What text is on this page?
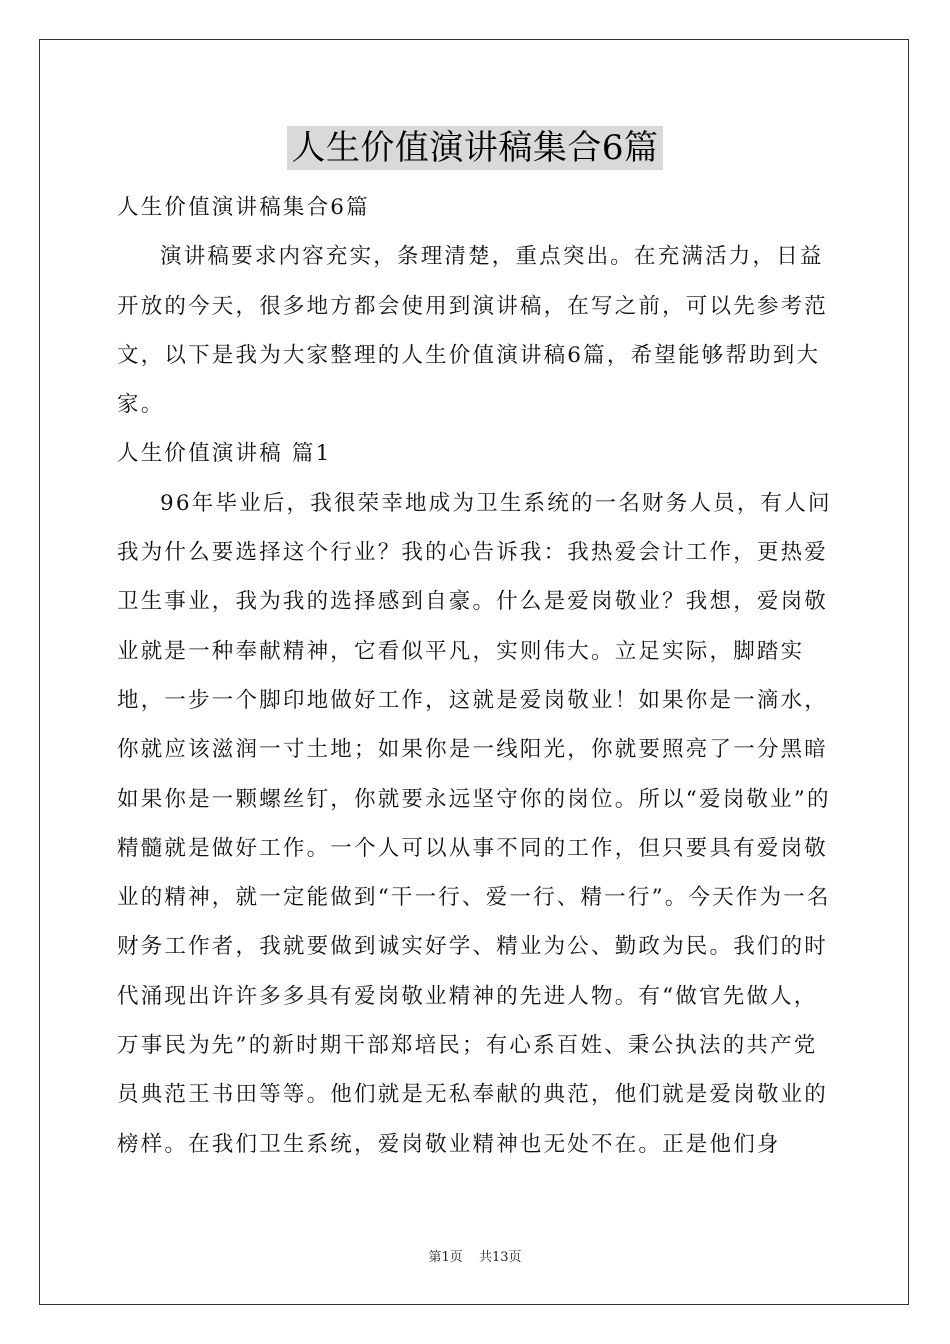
人生价值演讲稿集合6篇

人生价值演讲稿集合6篇

演讲稿要求内容充实，条理清楚，重点突出。在充满活力，日益开放的今天，很多地方都会使用到演讲稿，在写之前，可以先参考范文，以下是我为大家整理的人生价值演讲稿6篇，希望能够帮助到大家。

人生价值演讲稿 篇1

96年毕业后，我很荣幸地成为卫生系统的一名财务人员，有人问我为什么要选择这个行业？我的心告诉我：我热爱会计工作，更热爱卫生事业，我为我的选择感到自豪。什么是爱岗敬业？我想，爱岗敬业就是一种奉献精神，它看似平凡，实则伟大。立足实际，脚踏实地，一步一个脚印地做好工作，这就是爱岗敬业！如果你是一滴水，你就应该滋润一寸土地；如果你是一线阳光，你就要照亮了一分黑暗如果你是一颗螺丝钉，你就要永远坚守你的岗位。所以“爱岗敬业”的精髓就是做好工作。一个人可以从事不同的工作，但只要具有爱岗敬业的精神，就一定能做到“干一行、爱一行、精一行”。今天作为一名财务工作者，我就要做到诚实好学、精业为公、勤政为民。我们的时代涌现出许许多多具有爱岗敬业精神的先进人物。有“做官先做人，万事民为先”的新时期干部郑培民；有心系百姓、秉公执法的共产党员典范王书田等等。他们就是无私奉献的典范，他们就是爱岗敬业的榜样。在我们卫生系统，爱岗敬业精神也无处不在。正是他们身

第1页 共13页
